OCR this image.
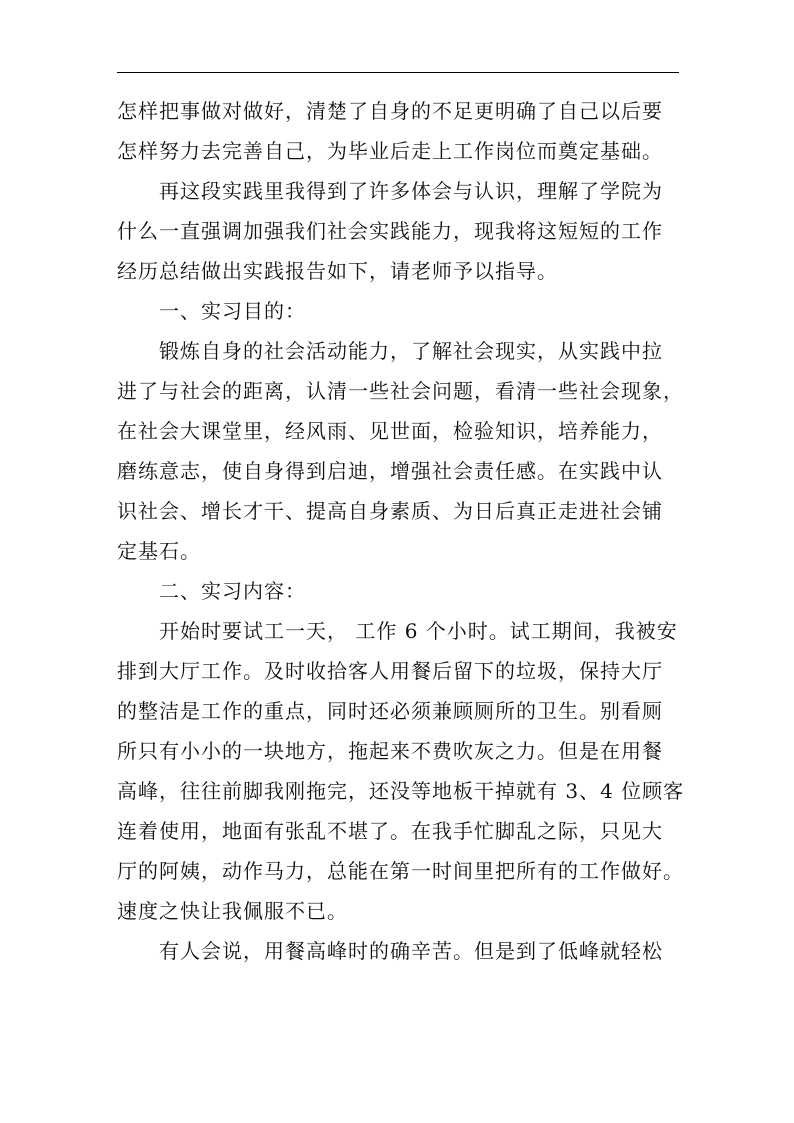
怎样把事做对做好，清楚了自身的不足更明确了自己以后要
怎样努力去完善自己，为毕业后走上工作岗位而奠定基础。
再这段实践里我得到了许多体会与认识，理解了学院为
什么一直强调加强我们社会实践能力，现我将这短短的工作
经历总结做出实践报告如下，请老师予以指导。
一、实习目的：
锻炼自身的社会活动能力，了解社会现实，从实践中拉
进了与社会的距离，认清一些社会问题，看清一些社会现象，
在社会大课堂里，经风雨、见世面，检验知识，培养能力，
磨练意志，使自身得到启迪，增强社会责任感。在实践中认
识社会、增长才干、提高自身素质、为日后真正走进社会铺
定基石。
二、实习内容：
开始时要试工一天， 工作 6 个小时。试工期间，我被安
排到大厅工作。及时收拾客人用餐后留下的垃圾，保持大厅
的整洁是工作的重点，同时还必须兼顾厕所的卫生。别看厕
所只有小小的一块地方，拖起来不费吹灰之力。但是在用餐
高峰，往往前脚我刚拖完，还没等地板干掉就有 3、4 位顾客
连着使用，地面有张乱不堪了。在我手忙脚乱之际，只见大
厅的阿姨，动作马力，总能在第一时间里把所有的工作做好。
速度之快让我佩服不已。
有人会说，用餐高峰时的确辛苦。但是到了低峰就轻松
